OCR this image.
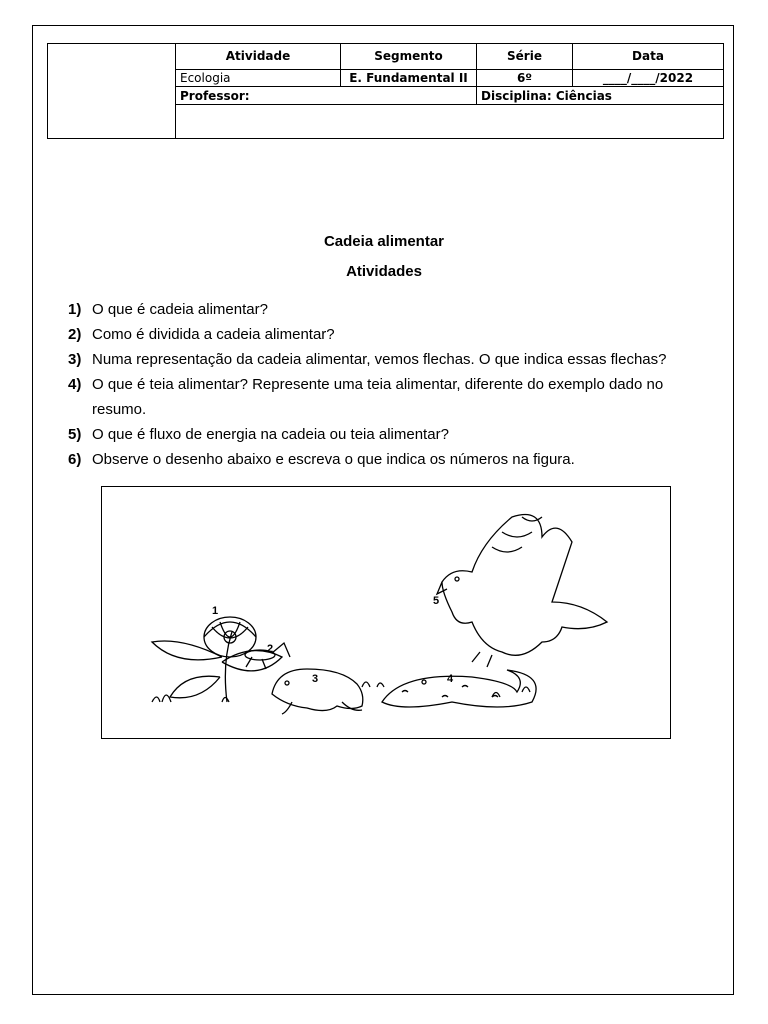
	Atividade	Segmento	Série	Data
	Ecologia	E. Fundamental II	6º	____/____/2022
	Professor:		Disciplina: Ciências	

Cadeia alimentar
Atividades
1) O que é cadeia alimentar?
2) Como é dividida a cadeia alimentar?
3) Numa representação da cadeia alimentar, vemos flechas. O que indica essas flechas?
4) O que é teia alimentar? Represente uma teia alimentar, diferente do exemplo dado no resumo.
5) O que é fluxo de energia na cadeia ou teia alimentar?
6) Observe o desenho abaixo e escreva o que indica os números na figura.
1
2
3	4
5
